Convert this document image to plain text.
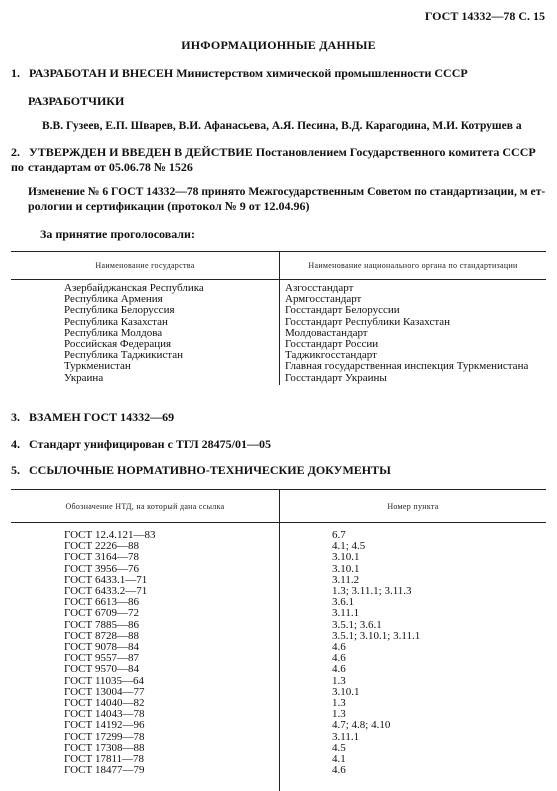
ГОСТ 14332—78 С. 15
ИНФОРМАЦИОННЫЕ ДАННЫЕ
1. РАЗРАБОТАН И ВНЕСЕН Министерством химической промышленности СССР
РАЗРАБОТЧИКИ
В.В. Гузеев, Е.П. Шварев, В.И. Афанасьева, А.Я. Песина, В.Д. Карагодина, М.И. Котрушев а
2. УТВЕРЖДЕН И ВВЕДЕН В ДЕЙСТВИЕ Постановлением Государственного комитета СССР по стандартам от 05.06.78 № 1526
Изменение № 6 ГОСТ 14332—78 принято Межгосударственным Советом по стандартизации, м ет-
рологии и сертификации (протокол № 9 от 12.04.96)
За принятие проголосовали:
Наименование государства	Наименование национального органа по стандартизации
Азербайджанская Республика
Республика Армения
Республика Белоруссия
Республика Казахстан
Республика Молдова
Российская Федерация
Республика Таджикистан
Туркменистан
Украина
Азгосстандарт
Армгосстандарт
Госстандарт Белоруссии
Госстандарт Республики Казахстан
Молдовастандарт
Госстандарт России
Таджикгосстандарт
Главная государственная инспекция Туркменистана
Госстандарт Украины
3. ВЗАМЕН ГОСТ 14332—69
4. Стандарт унифицирован с ТГЛ 28475/01—05
5. ССЫЛОЧНЫЕ НОРМАТИВНО-ТЕХНИЧЕСКИЕ ДОКУМЕНТЫ
Обозначение НТД, на который дана ссылка	Номер пункта
ГОСТ 12.4.121—83
ГОСТ 2226—88
ГОСТ 3164—78
ГОСТ 3956—76
ГОСТ 6433.1—71
ГОСТ 6433.2—71
ГОСТ 6613—86
ГОСТ 6709—72
ГОСТ 7885—86
ГОСТ 8728—88
ГОСТ 9078—84
ГОСТ 9557—87
ГОСТ 9570—84
ГОСТ 11035—64
ГОСТ 13004—77
ГОСТ 14040—82
ГОСТ 14043—78
ГОСТ 14192—96
ГОСТ 17299—78
ГОСТ 17308—88
ГОСТ 17811—78
ГОСТ 18477—79
6.7
4.1; 4.5
3.10.1
3.10.1
3.11.2
1.3; 3.11.1; 3.11.3
3.6.1
3.11.1
3.5.1; 3.6.1
3.5.1; 3.10.1; 3.11.1
4.6
4.6
4.6
1.3
3.10.1
1.3
1.3
4.7; 4.8; 4.10
3.11.1
4.5
4.1
4.6
